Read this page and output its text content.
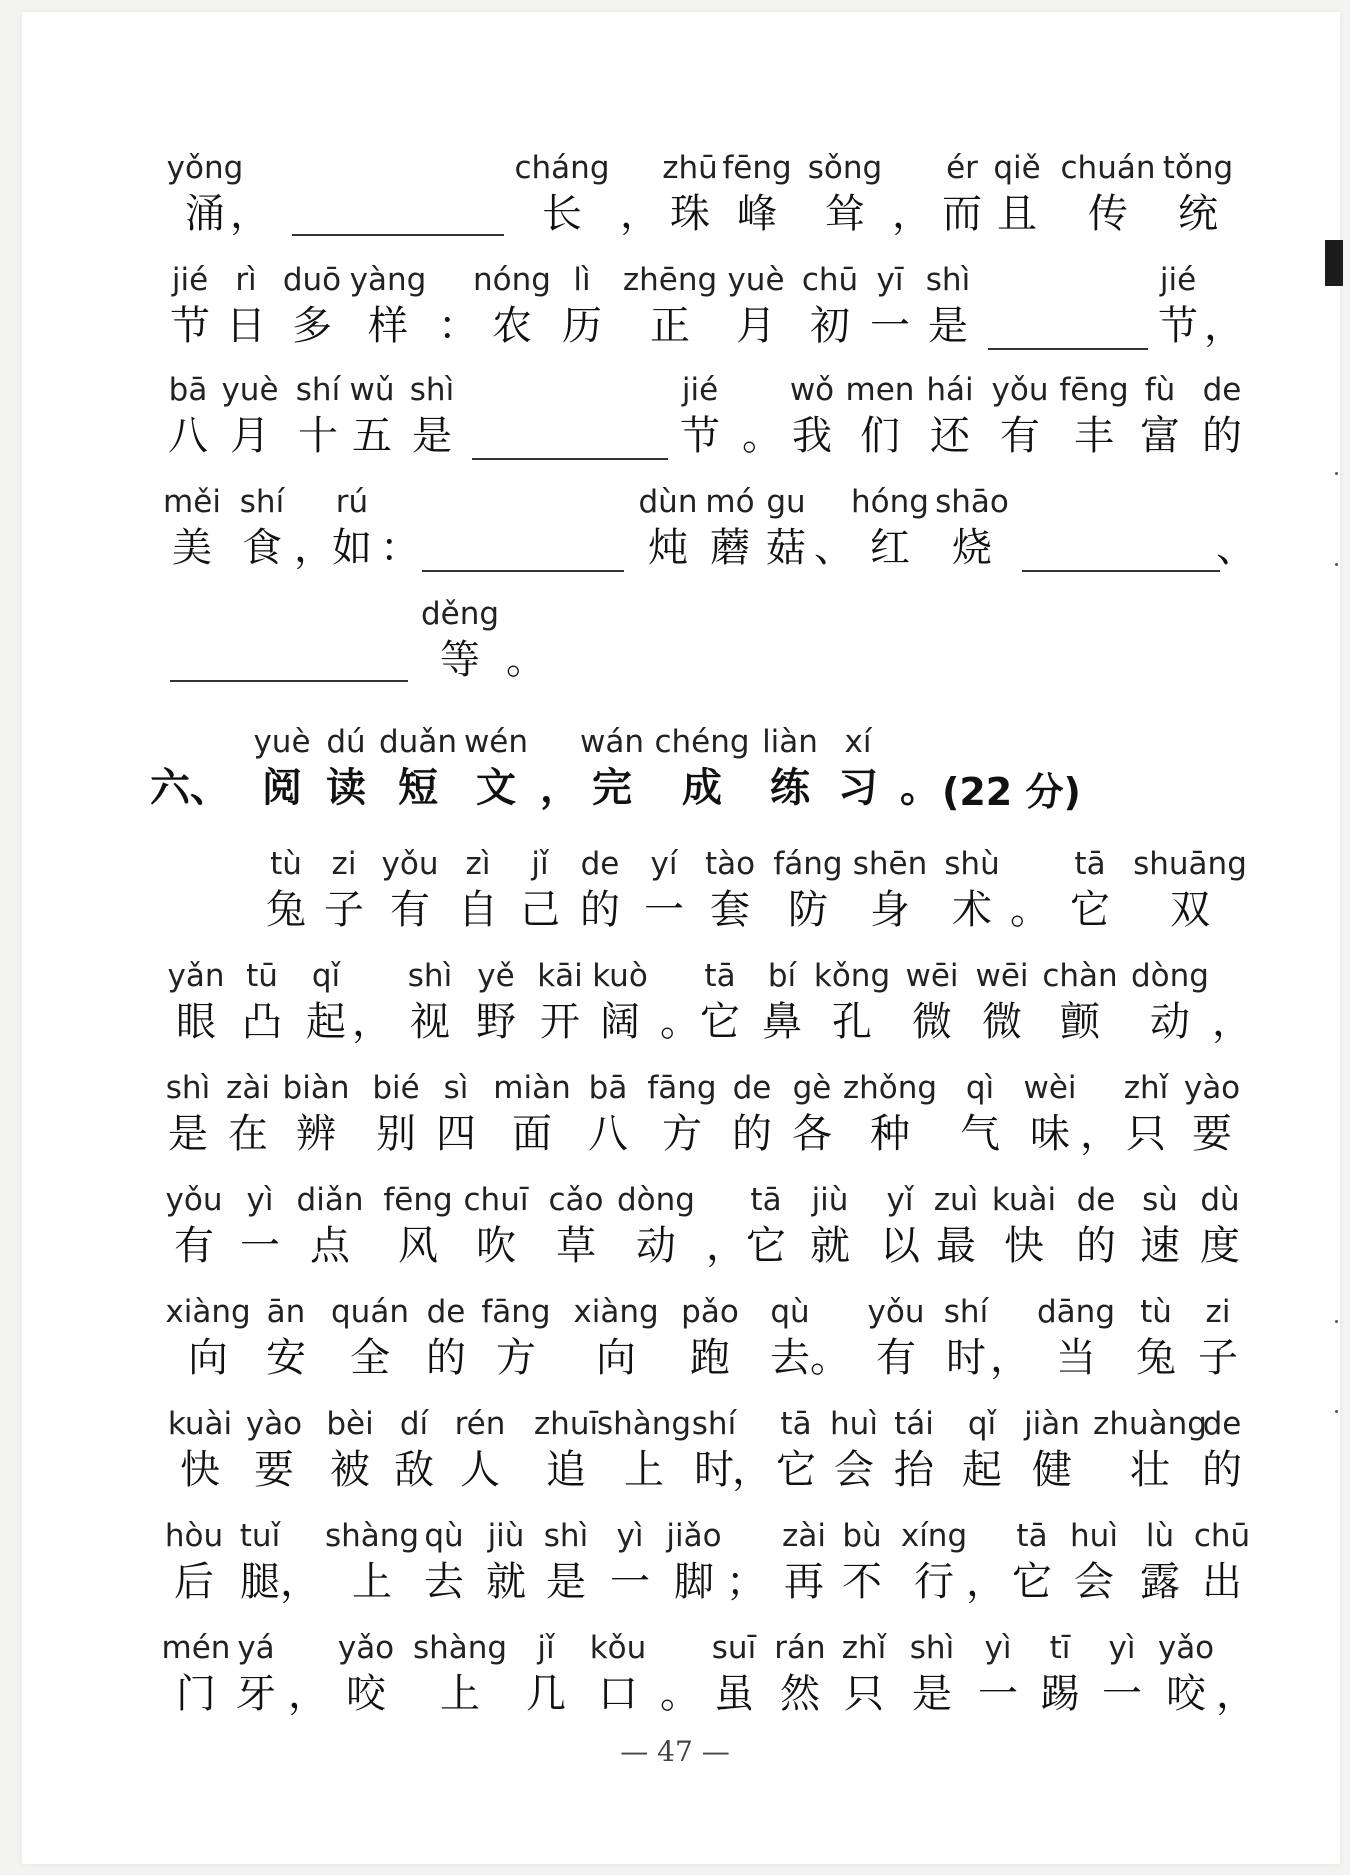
yǒng
涌
，
cháng
长
，
zhū
珠
fēng
峰
sǒng
耸
，
ér
而
qiě
且
chuán
传
tǒng
统
jié
节
rì
日
duō
多
yàng
样
：
nóng
农
lì
历
zhēng
正
yuè
月
chū
初
yī
一
shì
是
jié
节
，
bā
八
yuè
月
shí
十
wǔ
五
shì
是
jié
节
。
wǒ
我
men
们
hái
还
yǒu
有
fēng
丰
fù
富
de
的
měi
美
shí
食
，
rú
如
：
dùn
炖
mó
蘑
gu
菇
、
hóng
红
shāo
烧
	、
děng
等
。

六、
yuè
阅
dú
读
duǎn
短
wén
文
，
wán
完
chéng
成
liàn
练
xí
习
。 (22 分)
tù
兔
zi
子
yǒu
有
zì
自
jǐ
己
de
的
yí
一
tào
套
fáng
防
shēn
身
shù
术
。
tā
它
shuāng
双
yǎn
眼
tū
凸
qǐ
起
，
shì
视
yě
野
kāi
开
kuò
阔
。
tā
它
bí
鼻
kǒng
孔
wēi
微
wēi
微
chàn
颤
dòng
动
，
shì
是
zài
在
biàn
辨
bié
别
sì
四
miàn
面
bā
八
fāng
方
de
的
gè
各
zhǒng
种
qì
气
wèi
味
，
zhǐ
只
yào
要
yǒu
有
yì
一
diǎn
点
fēng
风
chuī
吹
cǎo
草
dòng
动
，
tā
它
jiù
就
yǐ
以
zuì
最
kuài
快
de
的
sù
速
dù
度
xiàng
向
ān
安
quán
全
de
的
fāng
方
xiàng
向
pǎo
跑
qù
去
。
yǒu
有
shí
时
，
dāng
当
tù
兔
zi
子
kuài
快
yào
要
bèi
被
dí
敌
rén
人
zhuī
追
shàng
上
shí
时

，
tā
它
huì
会
tái
抬
qǐ
起
jiàn
健
zhuàng
壮
de
的
hòu
后
tuǐ
腿
，
shàng
上
qù
去
jiù
就
shì
是
yì
一
jiǎo
脚
；
zài
再
bù
不
xíng
行
，
tā
它
huì
会
lù
露
chū
出
mén
门
yá
牙
，
yǎo
咬
shàng
上
jǐ
几
kǒu
口
。
suī
虽
rán
然
zhǐ
只
shì
是
yì
一
tī
踢
yì
一
yǎo
咬
，
— 47 —
